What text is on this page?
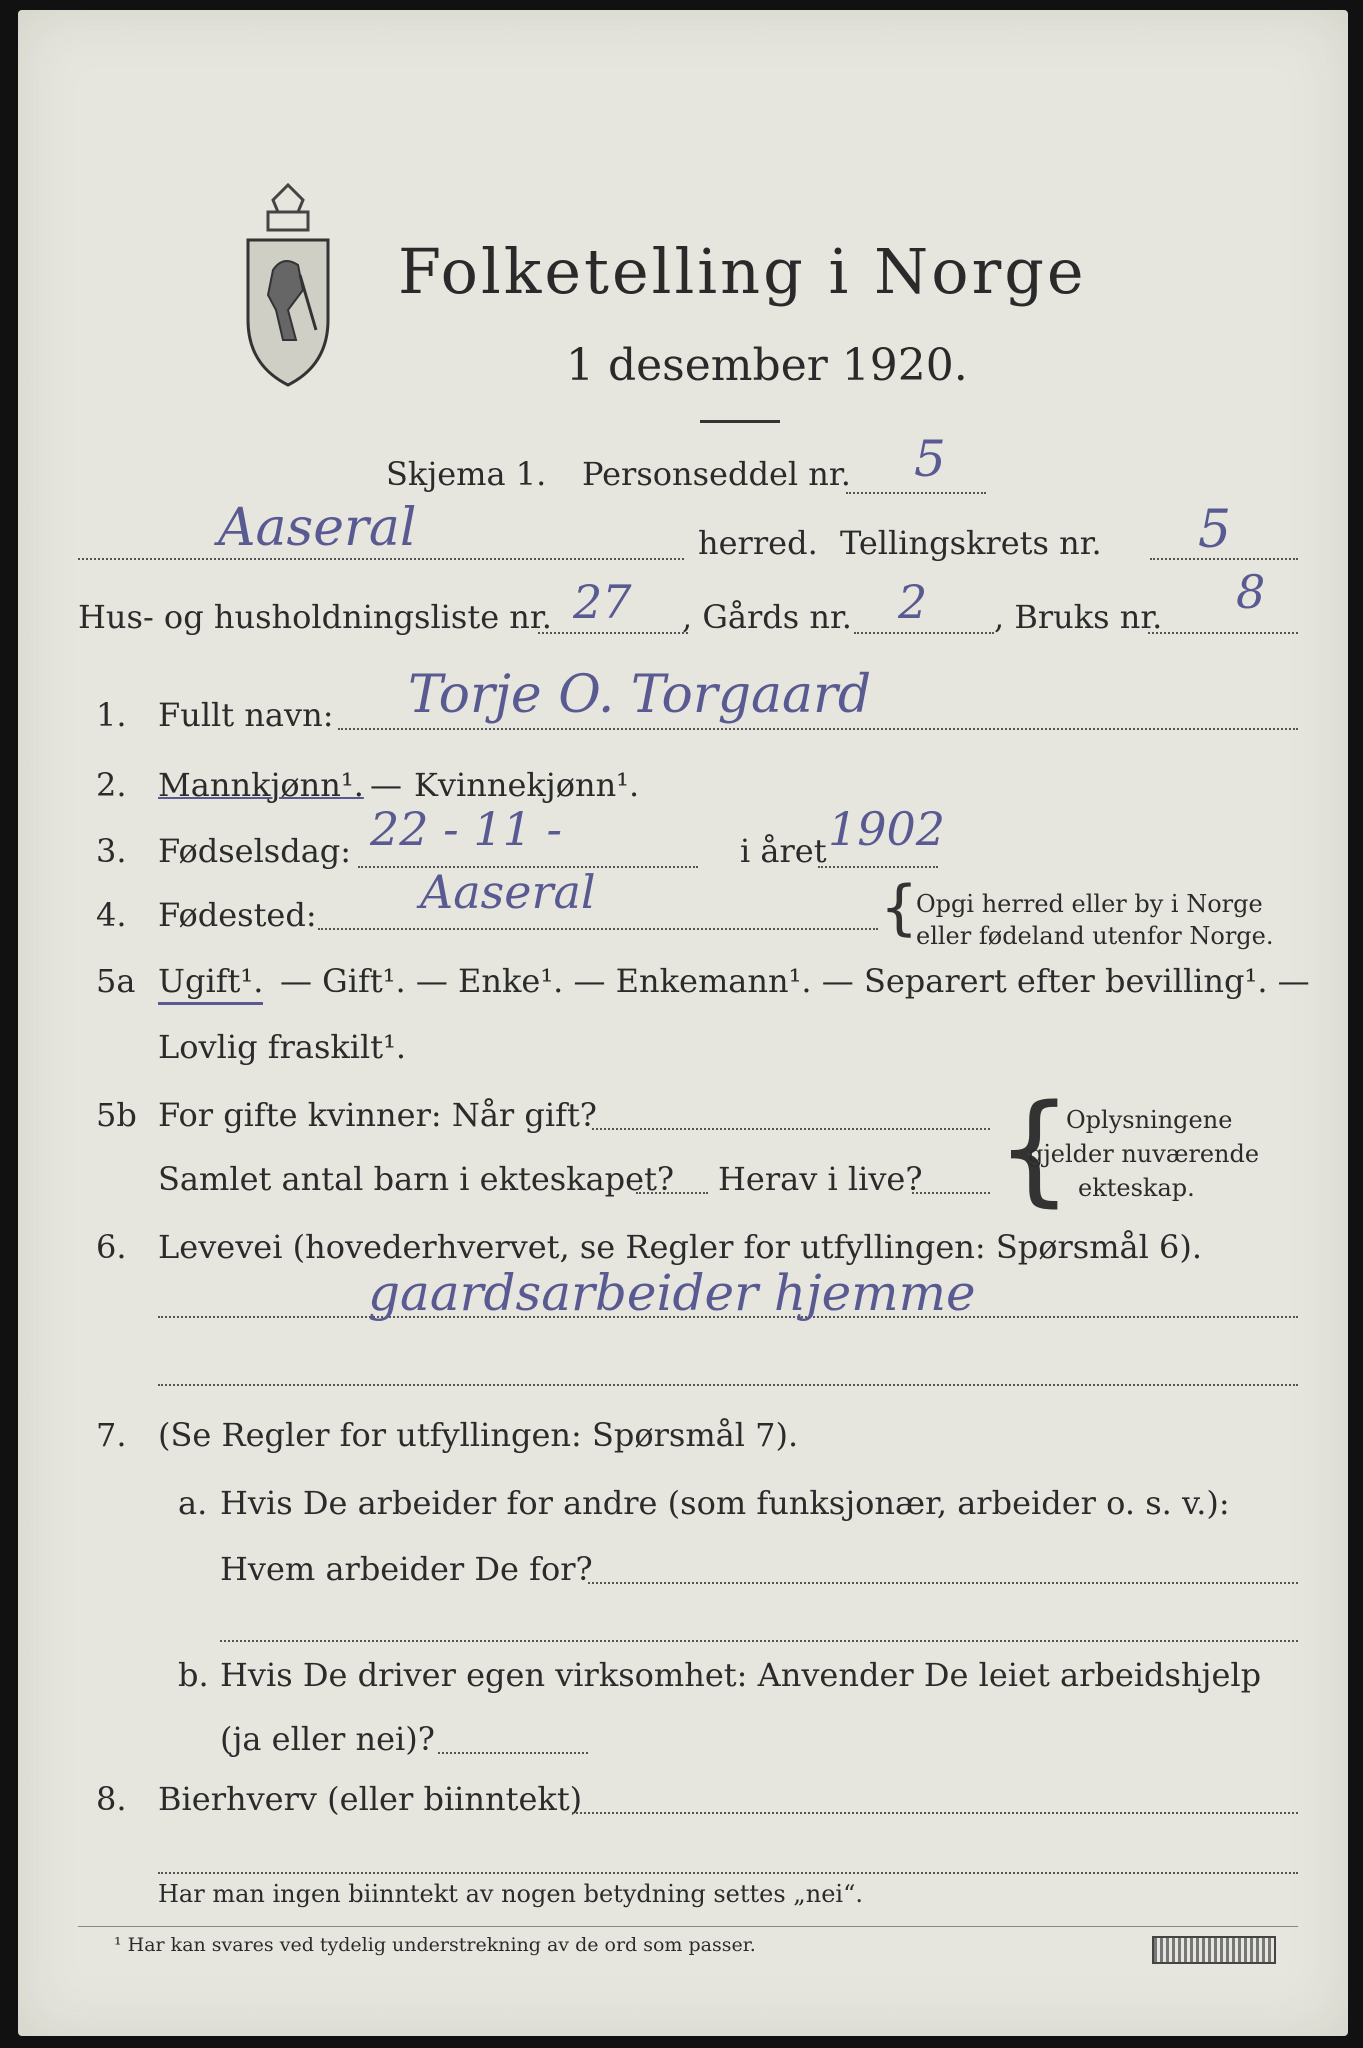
Folketelling i Norge
1 desember 1920.
Skjema 1. Personseddel nr. 5
Aaseral	herred. Tellingskrets nr. 5
Hus- og husholdningsliste nr. 27 , Gårds nr. 2 , Bruks nr. 8
1. Fullt navn: Torje O. Torgaard
2. Mannkjønn¹. — Kvinnekjønn¹.
3. Fødselsdag: 22 - 11 -	i året 1902
4. Fødested: Aaseral	{
Opgi herred eller by i Norge
eller fødeland utenfor Norge.
5a Ugift¹. — Gift¹. — Enke¹. — Enkemann¹. — Separert efter bevilling¹. —
Lovlig fraskilt¹.
5b For gifte kvinner: Når gift?
Samlet antal barn i ekteskapet? Herav i live? {
Oplysningene
gjelder nuværende
ekteskap.
6. Levevei (hovederhvervet, se Regler for utfyllingen: Spørsmål 6).
gaardsarbeider hjemme
7. (Se Regler for utfyllingen: Spørsmål 7).
a. Hvis De arbeider for andre (som funksjonær, arbeider o. s. v.):
Hvem arbeider De for?
b. Hvis De driver egen virksomhet: Anvender De leiet arbeidshjelp
(ja eller nei)?
8. Bierhverv (eller biinntekt)
Har man ingen biinntekt av nogen betydning settes „nei“.
¹ Har kan svares ved tydelig understrekning av de ord som passer.
